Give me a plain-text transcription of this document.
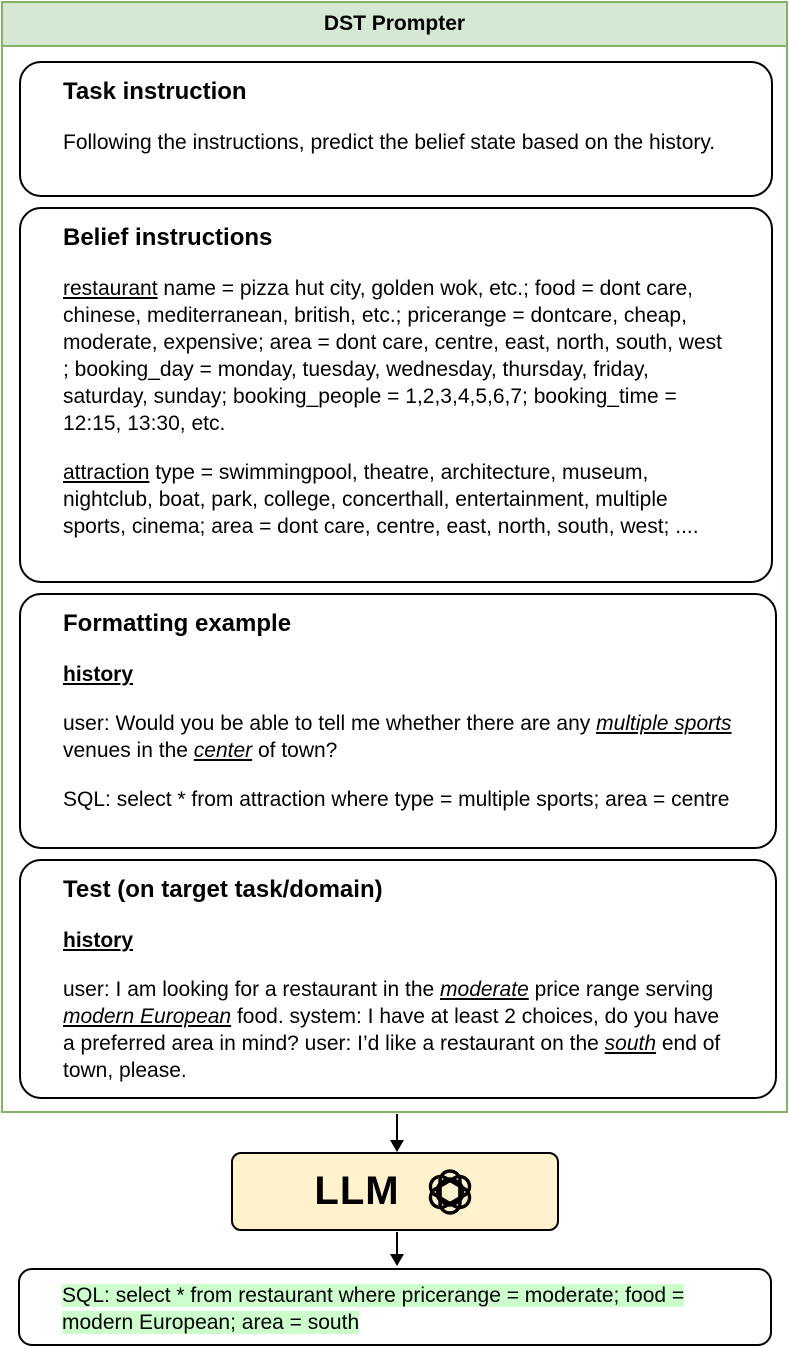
DST Prompter
Task instruction
Following the instructions, predict the belief state based on the history.
Belief instructions
restaurant name = pizza hut city, golden wok, etc.; food = dont care, chinese, mediterranean, british, etc.; pricerange = dontcare, cheap, moderate, expensive; area = dont care, centre, east, north, south, west ; booking_day = monday, tuesday, wednesday, thursday, friday, saturday, sunday; booking_people = 1,2,3,4,5,6,7; booking_time = 12:15, 13:30, etc.
attraction type = swimmingpool, theatre, architecture, museum, nightclub, boat, park, college, concerthall, entertainment, multiple sports, cinema; area = dont care, centre, east, north, south, west; ....
Formatting example
history
user: Would you be able to tell me whether there are any multiple sports venues in the center of town?
SQL: select * from attraction where type = multiple sports; area = centre
Test (on target task/domain)
history
user: I am looking for a restaurant in the moderate price range serving modern European food. system: I have at least 2 choices, do you have a preferred area in mind? user: I’d like a restaurant on the south end of town, please.
LLM
SQL: select * from restaurant where pricerange = moderate; food = modern European; area = south
